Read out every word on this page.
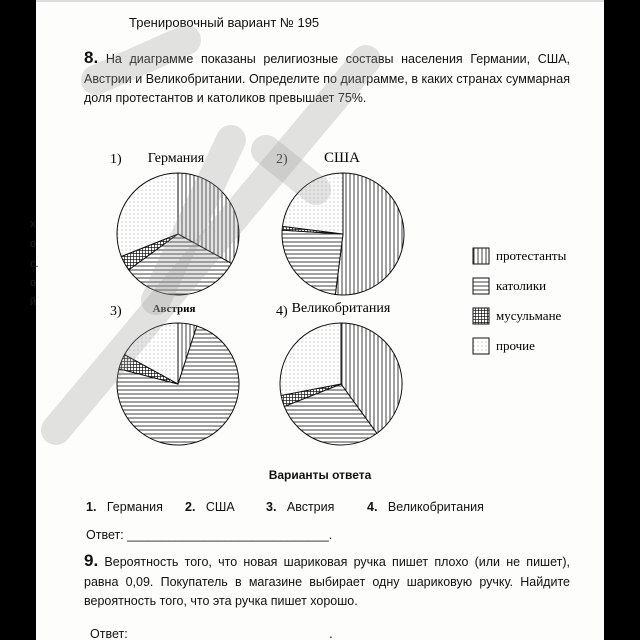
Тренировочный вариант № 195
8. На диаграмме показаны религиозные составы населения Германии, США, Австрии и Великобритании. Определите по диаграмме, в каких странах суммарная доля протестантов и католиков превышает 75%.
1) Германия	2) США
3)	Австрия	4) Великобритания
протестанты
католики
мусульмане
прочие
Варианты ответа
1. Германия 2. США	3. Австрия	4. Великобритания
Ответ: _____________________________.
9. Вероятность того, что новая шариковая ручка пишет плохо (или не пишет), равна 0,09. Покупатель в магазине выбирает одну шариковую ручку. Найдите вероятность того, что эта ручка пишет хорошо.
Ответ:	.
х
о
с.
о
й
